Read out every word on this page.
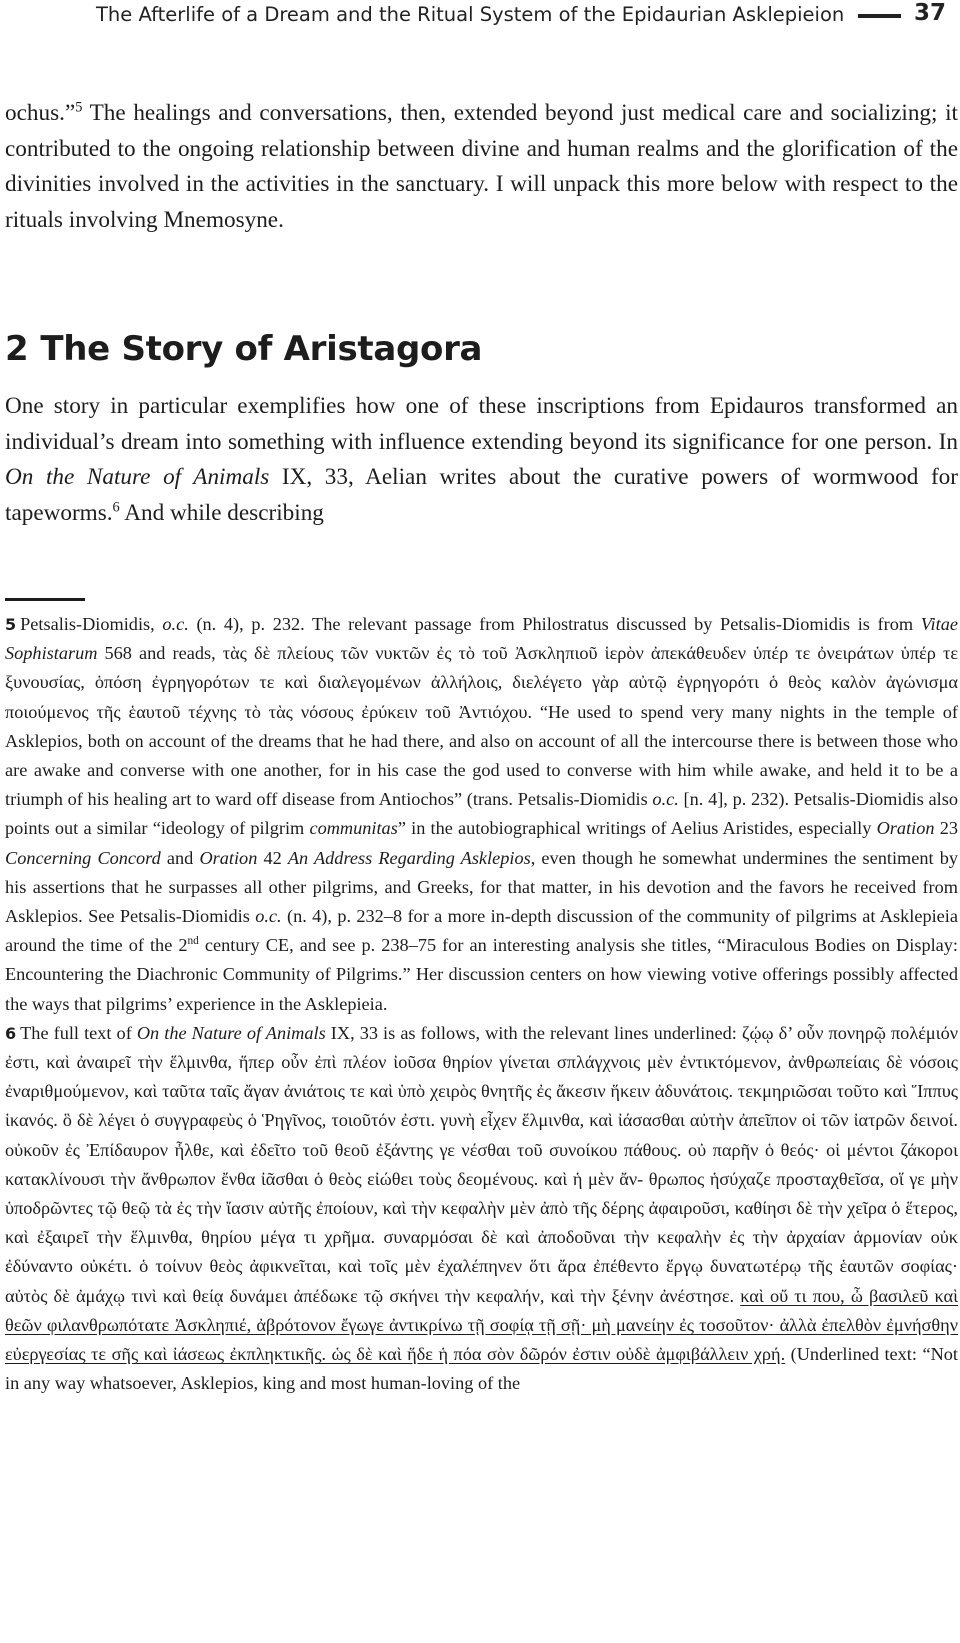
The Afterlife of a Dream and the Ritual System of the Epidaurian Asklepieion	37

ochus.”$^5$ The healings and conversations, then, extended beyond just medical care and socializing; it contributed to the ongoing relationship between divine and human realms and the glorification of the divinities involved in the activities in the sanctuary. I will unpack this more below with respect to the rituals involving Mnemosyne.

2 The Story of Aristagora

One story in particular exemplifies how one of these inscriptions from Epidauros transformed an individual’s dream into something with influence extending beyond its significance for one person. In On the Nature of Animals IX, 33, Aelian writes about the curative powers of wormwood for tapeworms.$^6$ And while describing

5 Petsalis-Diomidis, o.c. (n. 4), p. 232. The relevant passage from Philostratus discussed by Petsalis-Diomidis is from Vitae Sophistarum 568 and reads, τὰς δὲ πλείους τῶν νυκτῶν ἐς τὸ τοῦ Ἀσκληπιοῦ ἱερὸν ἀπεκάθευδεν ὑπέρ τε ὀνειράτων ὑπέρ τε ξυνουσίας, ὁπόση ἐγρηγορότων τε καὶ διαλεγομένων ἀλλήλοις, διελέγετο γὰρ αὐτῷ ἐγρηγορότι ὁ θεὸς καλὸν ἀγώνισμα ποιούμενος τῆς ἑαυτοῦ τέχνης τὸ τὰς νόσους ἐρύκειν τοῦ Ἀντιόχου. “He used to spend very many nights in the temple of Asklepios, both on account of the dreams that he had there, and also on account of all the intercourse there is between those who are awake and converse with one another, for in his case the god used to converse with him while awake, and held it to be a triumph of his healing art to ward off disease from Antiochos” (trans. Petsalis-Diomidis o.c. [n. 4], p. 232). Petsalis-Diomidis also points out a similar “ideology of pilgrim communitas” in the autobiographical writings of Aelius Aristides, especially Oration 23 Concerning Concord and Oration 42 An Address Regarding Asklepios, even though he somewhat undermines the sentiment by his assertions that he surpasses all other pilgrims, and Greeks, for that matter, in his devotion and the favors he received from Asklepios. See Petsalis-Diomidis o.c. (n. 4), p. 232–8 for a more in-depth discussion of the community of pilgrims at Asklepieia around the time of the 2nd century CE, and see p. 238–75 for an interesting analysis she titles, “Miraculous Bodies on Display: Encountering the Diachronic Community of Pilgrims.” Her discussion centers on how viewing votive offerings possibly affected the ways that pilgrims’ experience in the Asklepieia.

6 The full text of On the Nature of Animals IX, 33 is as follows, with the relevant lines underlined: ζῴῳ δ’ οὖν πονηρῷ πολέμιόν ἐστι, καὶ ἀναιρεῖ τὴν ἕλμινθα, ἥπερ οὖν ἐπὶ πλέον ἰοῦσα θηρίον γίνεται σπλάγχνοις μὲν ἐντικτόμενον, ἀνθρωπείαις δὲ νόσοις ἐναριθμούμενον, καὶ ταῦτα ταῖς ἄγαν ἀνιάτοις τε καὶ ὑπὸ χειρὸς θνητῆς ἐς ἄκεσιν ἥκειν ἀδυνάτοις. τεκμηριῶσαι τοῦτο καὶ Ἵππυς ἱκανός. ὃ δὲ λέγει ὁ συγγραφεὺς ὁ Ῥηγῖνος, τοιοῦτόν ἐστι. γυνὴ εἶχεν ἕλμινθα, καὶ ἰάσασθαι αὐτὴν ἀπεῖπον οἱ τῶν ἰατρῶν δεινοί. οὐκοῦν ἐς Ἐπίδαυρον ἦλθε, καὶ ἐδεῖτο τοῦ θεοῦ ἐξάντης γε νέσθαι τοῦ συνοίκου πάθους. οὐ παρῆν ὁ θεός· οἱ μέντοι ζάκοροι κατακλίνουσι τὴν ἄνθρωπον ἔνθα ἰᾶσθαι ὁ θεὸς εἰώθει τοὺς δεομένους. καὶ ἡ μὲν ἄν- θρωπος ἡσύχαζε προσταχθεῖσα, οἵ γε μὴν ὑποδρῶντες τῷ θεῷ τὰ ἐς τὴν ἴασιν αὐτῆς ἐποίουν, καὶ τὴν κεφαλὴν μὲν ἀπὸ τῆς δέρης ἀφαιροῦσι, καθίησι δὲ τὴν χεῖρα ὁ ἕτερος, καὶ ἐξαιρεῖ τὴν ἕλμινθα, θηρίου μέγα τι χρῆμα. συναρμόσαι δὲ καὶ ἀποδοῦναι τὴν κεφαλὴν ἐς τὴν ἀρχαίαν ἁρμονίαν οὐκ ἐδύναντο οὐκέτι. ὁ τοίνυν θεὸς ἀφικνεῖται, καὶ τοῖς μὲν ἐχαλέπηνεν ὅτι ἄρα ἐπέθεντο ἔργῳ δυνατωτέρῳ τῆς ἑαυτῶν σοφίας· αὐτὸς δὲ ἀμάχῳ τινὶ καὶ θείᾳ δυνάμει ἀπέδωκε τῷ σκήνει τὴν κεφαλήν, καὶ τὴν ξένην ἀνέστησε. καὶ οὔ τι που, ὦ βασιλεῦ καὶ θεῶν φιλανθρωπότατε Ἀσκληπιέ, ἀβρότονον ἔγωγε ἀντικρίνω τῇ σοφίᾳ τῇ σῇ· μὴ μανείην ἐς τοσοῦτον· ἀλλὰ ἐπελθὸν ἐμνήσθην εὐεργεσίας τε σῆς καὶ ἰάσεως ἐκπληκτικῆς. ὡς δὲ καὶ ἥδε ἡ πόα σὸν δῶρόν ἐστιν οὐδὲ ἀμφιβάλλειν χρή. (Underlined text: “Not in any way whatsoever, Asklepios, king and most human-loving of the
